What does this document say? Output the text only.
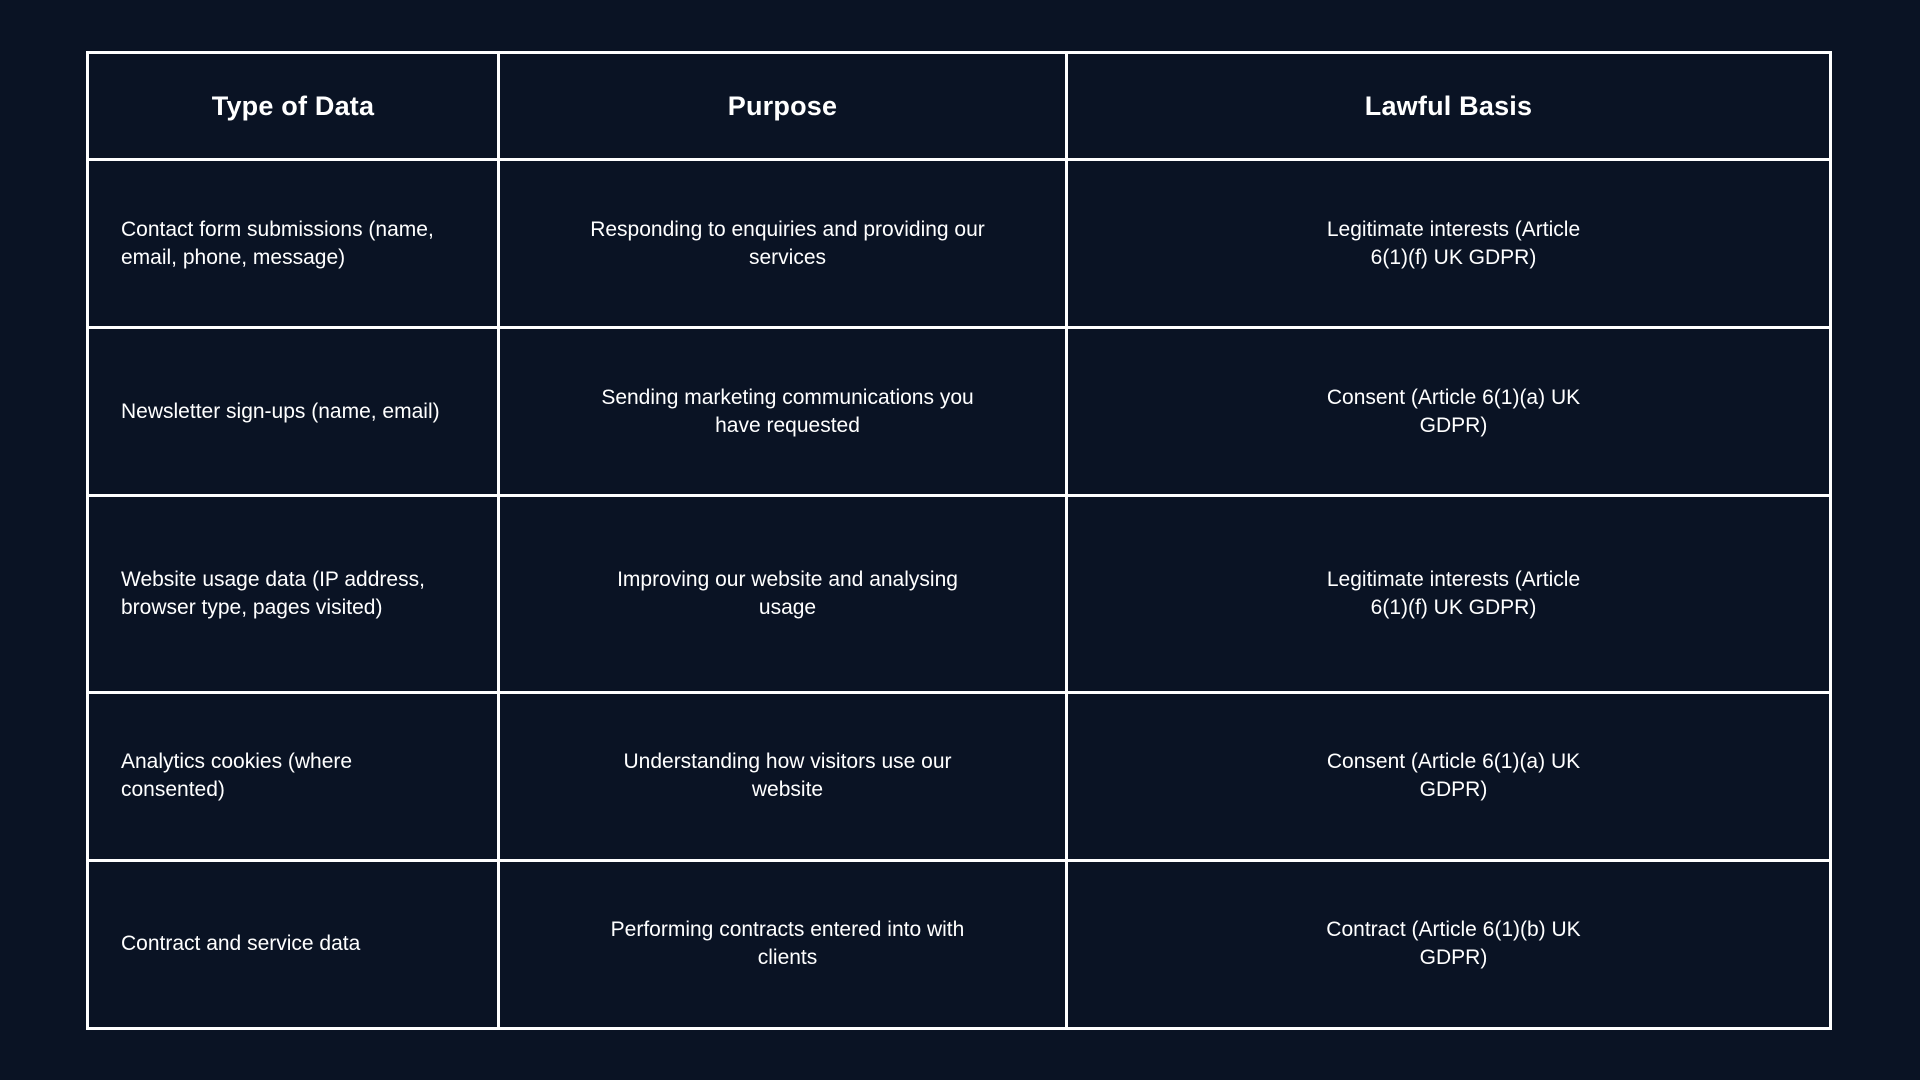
Type of Data	Purpose	Lawful Basis
Contact form submissions (name, email, phone, message)	Responding to enquiries and providing our services	Legitimate interests (Article 6(1)(f) UK GDPR)
Newsletter sign-ups (name, email)	Sending marketing communications you have requested	Consent (Article 6(1)(a) UK GDPR)
Website usage data (IP address, browser type, pages visited)	Improving our website and analysing usage	Legitimate interests (Article 6(1)(f) UK GDPR)
Analytics cookies (where consented)	Understanding how visitors use our website	Consent (Article 6(1)(a) UK GDPR)
Contract and service data	Performing contracts entered into with clients	Contract (Article 6(1)(b) UK GDPR)
